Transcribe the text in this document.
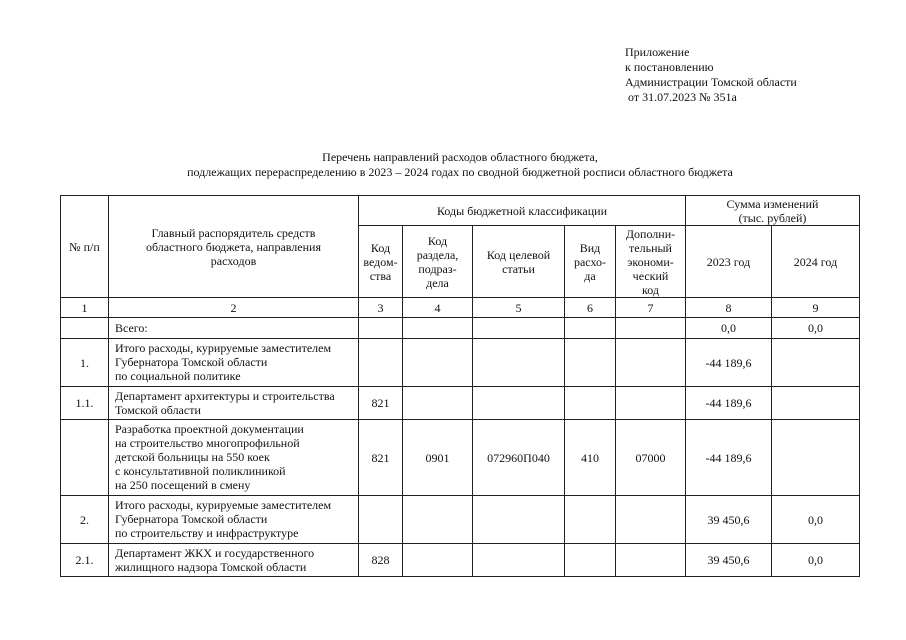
Приложение
к постановлению
Администрации Томской области
от 31.07.2023 № 351а
Перечень направлений расходов областного бюджета,
подлежащих перераспределению в 2023 – 2024 годах по сводной бюджетной росписи областного бюджета
№ п/п	Главный распорядитель средств
областного бюджета, направления
расходов	Коды бюджетной классификации					Сумма изменений
(тыс. рублей)	
		Код
ведом-
ства	Код
раздела,
подраз-
дела	Код целевой
статьи	Вид
расхо-
да	Дополни-
тельный
экономи-
ческий
код	2023 год	2024 год
1	2	3	4	5	6	7	8	9
	Всего:						0,0	0,0
1.	Итого расходы, курируемые заместителем
Губернатора Томской области
по социальной политике						-44 189,6	
1.1.	Департамент архитектуры и строительства
Томской области	821					-44 189,6	
	Разработка проектной документации
на строительство многопрофильной
детской больницы на 550 коек
с консультативной поликлиникой
на 250 посещений в смену	821	0901	072960П040	410	07000	-44 189,6	
2.	Итого расходы, курируемые заместителем
Губернатора Томской области
по строительству и инфраструктуре						39 450,6	0,0
2.1.	Департамент ЖКХ и государственного
жилищного надзора Томской области	828					39 450,6	0,0
